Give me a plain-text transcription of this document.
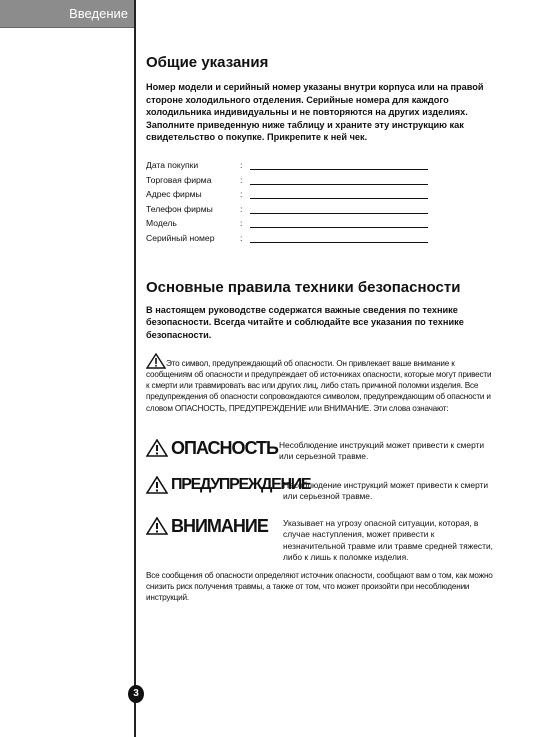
Введение
3
Общие указания

Номер модели и серийный номер указаны внутри корпуса или на правой стороне холодильного отделения. Серийные номера для каждого холодильника индивидуальны и не повторяются на других изделиях. Заполните приведенную ниже таблицу и храните эту инструкцию как свидетельство о покупке. Прикрепите к ней чек.

Дата покупки	:
Торговая фирма	:
Адрес фирмы	:
Телефон фирмы	:
Модель	:
Серийный номер	:
Основные правила техники безопасности

В настоящем руководстве содержатся важные сведения по технике безопасности. Всегда читайте и соблюдайте все указания по технике безопасности.

Это символ, предупреждающий об опасности. Он привлекает ваше внимание к сообщениям об опасности и предупреждает об источниках опасности, которые могут привести к смерти или травмировать вас или других лиц, либо стать причиной поломки изделия. Все предупреждения об опасности сопровождаются символом, предупреждающим об опасности и словом ОПАСНОСТЬ, ПРЕДУПРЕЖДЕНИЕ или ВНИМАНИЕ. Эти слова означают:

ОПАСНОСТЬ Несоблюдение инструкций может привести к смерти или серьезной травме.
ПРЕДУПРЕЖДЕНИЕ
Несоблюдение инструкций может привести к смерти или серьезной травме.
ВНИМАНИЕ Указывает на угрозу опасной ситуации, которая, в случае наступления, может привести к незначительной травме или травме средней тяжести, либо к лишь к поломке изделия.

Все сообщения об опасности определяют источник опасности, сообщают вам о том, как можно снизить риск получения травмы, а также от том, что может произойти при несоблюдении инструкций.
